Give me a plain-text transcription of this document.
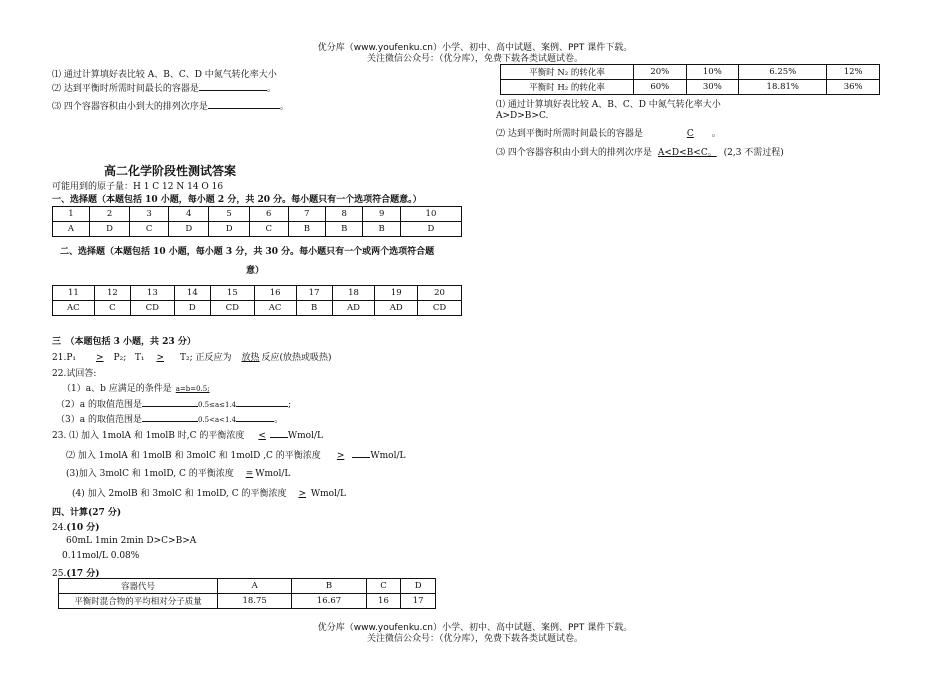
优分库（www.youfenku.cn）小学、初中、高中试题、案例、PPT 课件下载。
关注微信公众号：（优分库），免费下载各类试题试卷。
⑴ 通过计算填好表比较 A、B、C、D 中氮气转化率大小
⑵ 达到平衡时所需时间最长的容器是	。
⑶ 四个容器容积由小到大的排列次序是	。
平衡时 N₂ 的转化率	20%	10%	6.25%	12%
平衡时 H₂ 的转化率	60%	30%	18.81%	36%
⑴ 通过计算填好表比较 A、B、C、D 中氮气转化率大小
A>D>B>C.
⑵ 达到平衡时所需时间最长的容器是	C 。
⑶ 四个容器容积由小到大的排列次序是 A<D<B<C。 (2,3 不需过程)
高二化学阶段性测试答案
可能用到的原子量：H 1 C 12 N 14 O 16
一、选择题（本题包括 10 小题，每小题 2 分，共 20 分。每小题只有一个选项符合题意。）
1	2	3	4	5	6	7	8	9	10
A	D	C	D	D	C	B	B	B	D
二、选择题（本题包括 10 小题，每小题 3 分，共 30 分。每小题只有一个或两个选项符合题
意）
11	12	13	14	15	16	17	18	19	20
AC	C	CD	D	CD	AC	B	AD	AD	CD
三　（本题包括 3 小题，共 23 分）
21.P₁ > P₂; T₁ > T₂; 正反应为 放热 反应(放热或吸热)
22.试回答:
（1）a、b 应满足的条件是 a=b=0.5;
（2）a 的取值范围是	0.5≤a≤1.4	;
（3）a 的取值范围是	0.5<a<1.4	。
23. ⑴ 加入 1molA 和 1molB 时,C 的平衡浓度 < Wmol/L
⑵ 加入 1molA 和 1molB 和 3molC 和 1molD ,C 的平衡浓度 >	Wmol/L
(3)加入 3molC 和 1molD, C 的平衡浓度 = Wmol/L
(4) 加入 2molB 和 3molC 和 1molD, C 的平衡浓度 > Wmol/L
四、计算(27 分)
24.(10 分)
60mL 1min 2min D>C>B>A
0.11mol/L 0.08%
25.(17 分)
容器代号	A	B	C	D
平衡时混合物的平均相对分子质量	18.75	16.67	16	17
优分库（www.youfenku.cn）小学、初中、高中试题、案例、PPT 课件下载。
关注微信公众号：（优分库），免费下载各类试题试卷。
